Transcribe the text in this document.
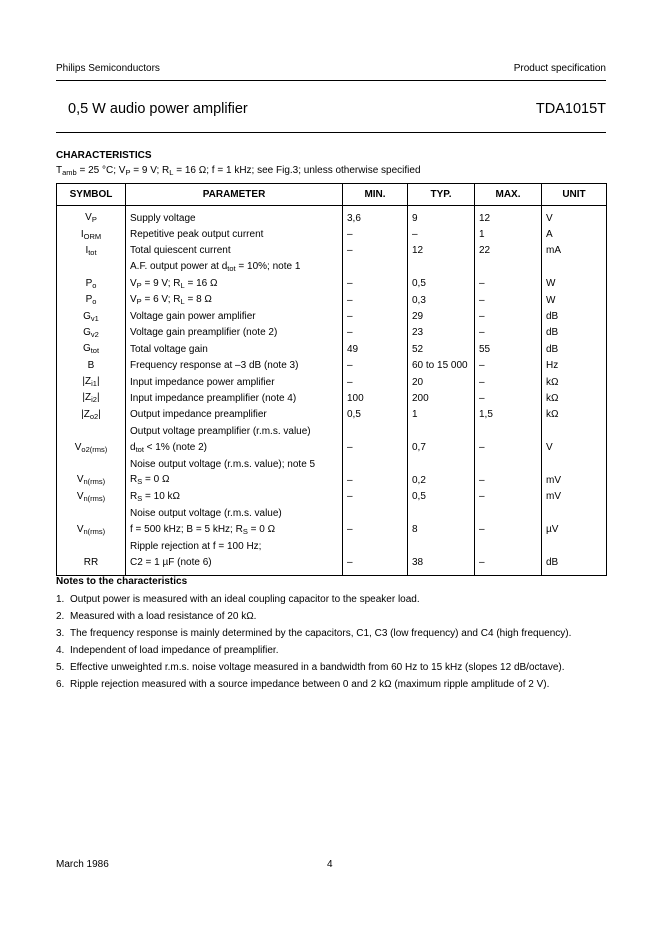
Philips Semiconductors	Product specification
0,5 W audio power amplifier	TDA1015T
CHARACTERISTICS
$T_{amb} = 25$ °C; $V_P = 9$ V; $R_L = 16$ Ω; f = 1 kHz; see Fig.3; unless otherwise specified
SYMBOL	PARAMETER	MIN.	TYP.	MAX.	UNIT
$V_P$	Supply voltage	3,6	9	12	V
$I_{ORM}$	Repetitive peak output current	–	–	1	A
$I_{tot}$	Total quiescent current	–	12	22	mA
	A.F. output power at $d_{tot} = 10\%$; note 1				
$P_o$	$V_P = 9$ V; $R_L = 16$ Ω	–	0,5	–	W
$P_o$	$V_P = 6$ V; $R_L = 8$ Ω	–	0,3	–	W
$G_{v1}$	Voltage gain power amplifier	–	29	–	dB
$G_{v2}$	Voltage gain preamplifier (note 2)	–	23	–	dB
$G_{tot}$	Total voltage gain	49	52	55	dB
B	Frequency response at –3 dB (note 3)	–	60 to 15 000	–	Hz
$|Z_{i1}|$	Input impedance power amplifier	–	20	–	kΩ
$|Z_{i2}|$	Input impedance preamplifier (note 4)	100	200	–	kΩ
$|Z_{o2}|$	Output impedance preamplifier	0,5	1	1,5	kΩ
	Output voltage preamplifier (r.m.s. value)				
$V_{o2(rms)}$	$d_{tot} < 1\%$ (note 2)	–	0,7	–	V
	Noise output voltage (r.m.s. value); note 5				
$V_{n(rms)}$	$R_S = 0$ Ω	–	0,2	–	mV
$V_{n(rms)}$	$R_S = 10$ kΩ	–	0,5	–	mV
	Noise output voltage (r.m.s. value)				
$V_{n(rms)}$	f = 500 kHz; B = 5 kHz; $R_S = 0$ Ω	–	8	–	µV
	Ripple rejection at f = 100 Hz;				
RR	C2 = 1 µF (note 6)	–	38	–	dB
Notes to the characteristics
1. Output power is measured with an ideal coupling capacitor to the speaker load.
2. Measured with a load resistance of 20 kΩ.
3. The frequency response is mainly determined by the capacitors, C1, C3 (low frequency) and C4 (high frequency).
4. Independent of load impedance of preamplifier.
5. Effective unweighted r.m.s. noise voltage measured in a bandwidth from 60 Hz to 15 kHz (slopes 12 dB/octave).
6. Ripple rejection measured with a source impedance between 0 and 2 kΩ (maximum ripple amplitude of 2 V).
March 1986	4
